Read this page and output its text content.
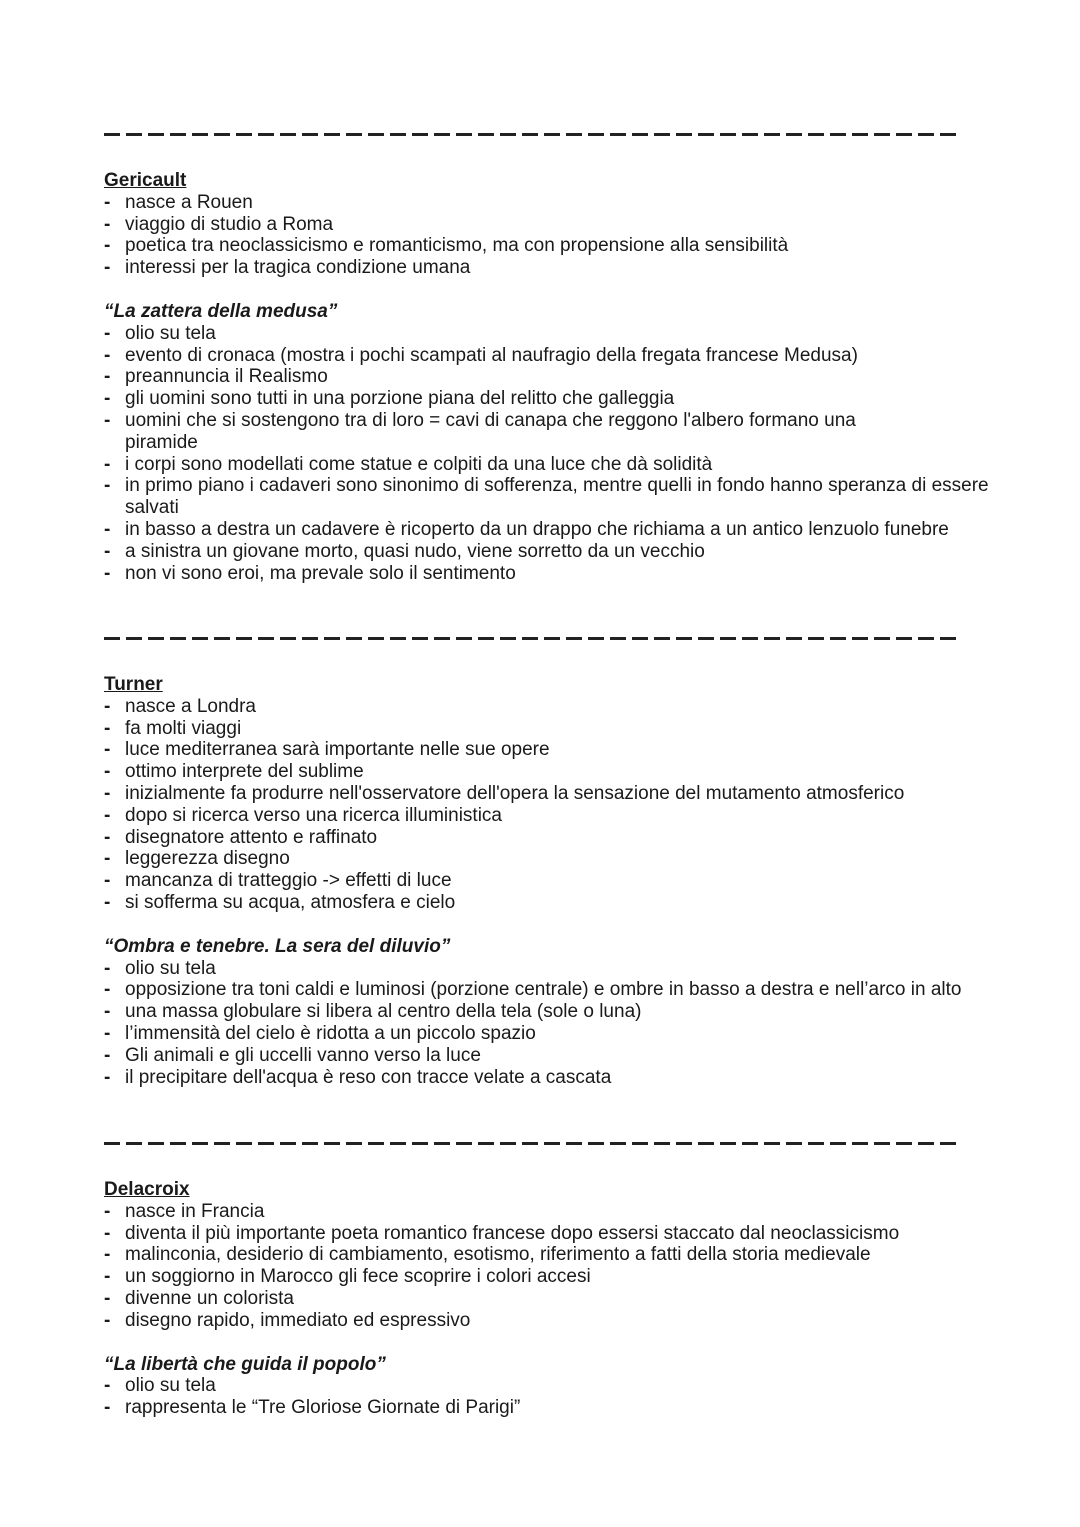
Gericault
- nasce a Rouen
- viaggio di studio a Roma
- poetica tra neoclassicismo e romanticismo, ma con propensione alla sensibilità
- interessi per la tragica condizione umana
“La zattera della medusa”
- olio su tela
- evento di cronaca (mostra i pochi scampati al naufragio della fregata francese Medusa)
- preannuncia il Realismo
- gli uomini sono tutti in una porzione piana del relitto che galleggia
- uomini che si sostengono tra di loro = cavi di canapa che reggono l'albero formano una piramide
- i corpi sono modellati come statue e colpiti da una luce che dà solidità
- in primo piano i cadaveri sono sinonimo di sofferenza, mentre quelli in fondo hanno speranza di essere salvati
- in basso a destra un cadavere è ricoperto da un drappo che richiama a un antico lenzuolo funebre
- a sinistra un giovane morto, quasi nudo, viene sorretto da un vecchio
- non vi sono eroi, ma prevale solo il sentimento
Turner
- nasce a Londra
- fa molti viaggi
- luce mediterranea sarà importante nelle sue opere
- ottimo interprete del sublime
- inizialmente fa produrre nell'osservatore dell'opera la sensazione del mutamento atmosferico
- dopo si ricerca verso una ricerca illuministica
- disegnatore attento e raffinato
- leggerezza disegno
- mancanza di tratteggio -> effetti di luce
- si sofferma su acqua, atmosfera e cielo
“Ombra e tenebre. La sera del diluvio”
- olio su tela
- opposizione tra toni caldi e luminosi (porzione centrale) e ombre in basso a destra e nell’arco in alto
- una massa globulare si libera al centro della tela (sole o luna)
- l’immensità del cielo è ridotta a un piccolo spazio
- Gli animali e gli uccelli vanno verso la luce
- il precipitare dell'acqua è reso con tracce velate a cascata
Delacroix
- nasce in Francia
- diventa il più importante poeta romantico francese dopo essersi staccato dal neoclassicismo
- malinconia, desiderio di cambiamento, esotismo, riferimento a fatti della storia medievale
- un soggiorno in Marocco gli fece scoprire i colori accesi
- divenne un colorista
- disegno rapido, immediato ed espressivo
“La libertà che guida il popolo”
- olio su tela
- rappresenta le “Tre Gloriose Giornate di Parigi”
